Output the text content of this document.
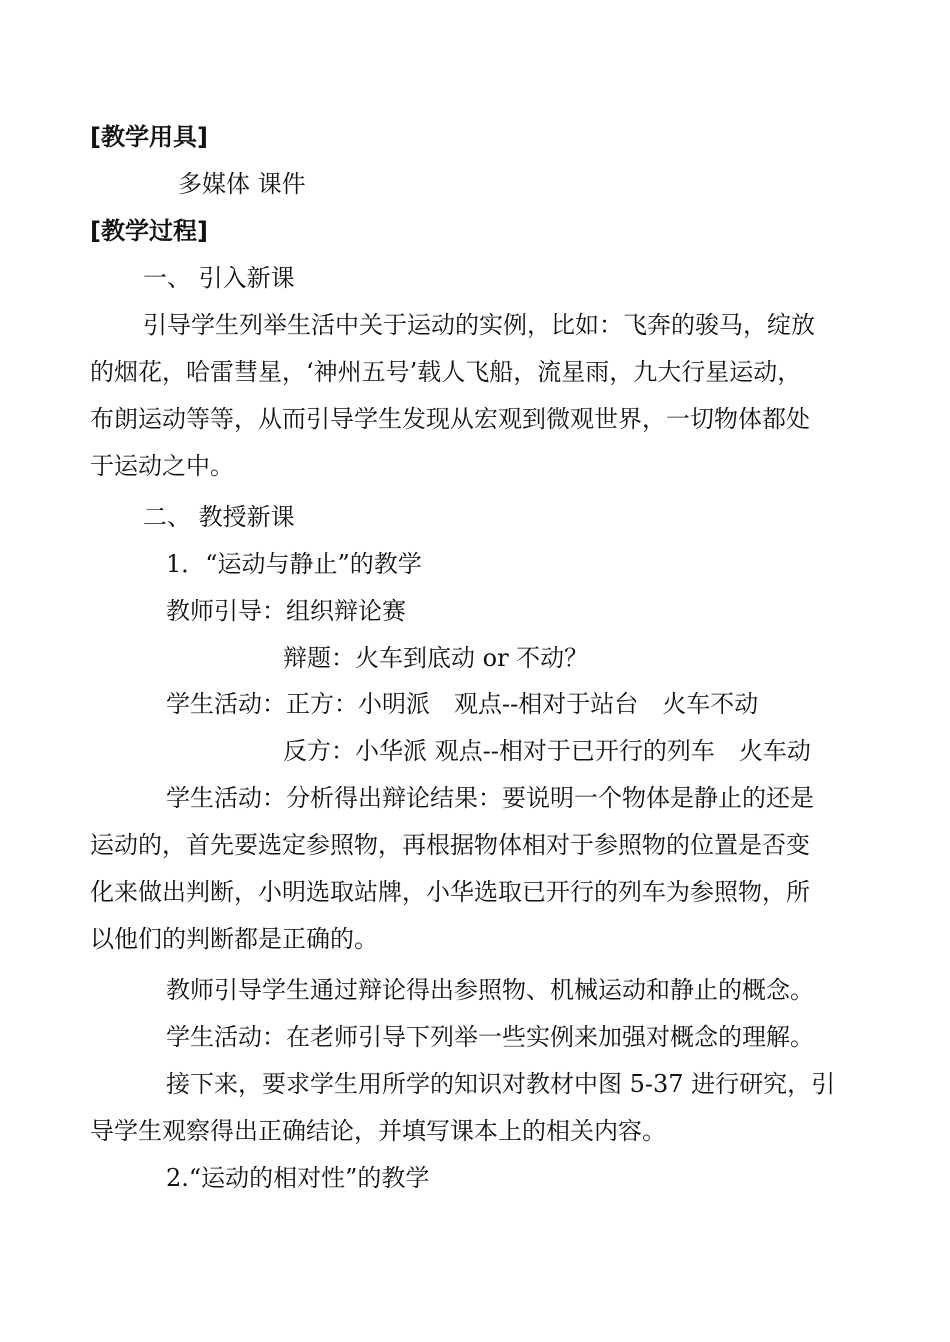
[教学用具]
多媒体 课件
[教学过程]
一、 引入新课
引导学生列举生活中关于运动的实例，比如：飞奔的骏马，绽放
的烟花，哈雷彗星，‘神州五号’载人飞船，流星雨，九大行星运动，
布朗运动等等，从而引导学生发现从宏观到微观世界，一切物体都处
于运动之中。
二、 教授新课
1．“运动与静止”的教学
教师引导：组织辩论赛
辩题：火车到底动 or 不动？
学生活动：正方：小明派　观点--相对于站台　火车不动
反方：小华派 观点--相对于已开行的列车　火车动
学生活动：分析得出辩论结果：要说明一个物体是静止的还是
运动的，首先要选定参照物，再根据物体相对于参照物的位置是否变
化来做出判断，小明选取站牌，小华选取已开行的列车为参照物，所
以他们的判断都是正确的。
教师引导学生通过辩论得出参照物、机械运动和静止的概念。
学生活动：在老师引导下列举一些实例来加强对概念的理解。
接下来，要求学生用所学的知识对教材中图 5-37 进行研究，引
导学生观察得出正确结论，并填写课本上的相关内容。
2.“运动的相对性”的教学
